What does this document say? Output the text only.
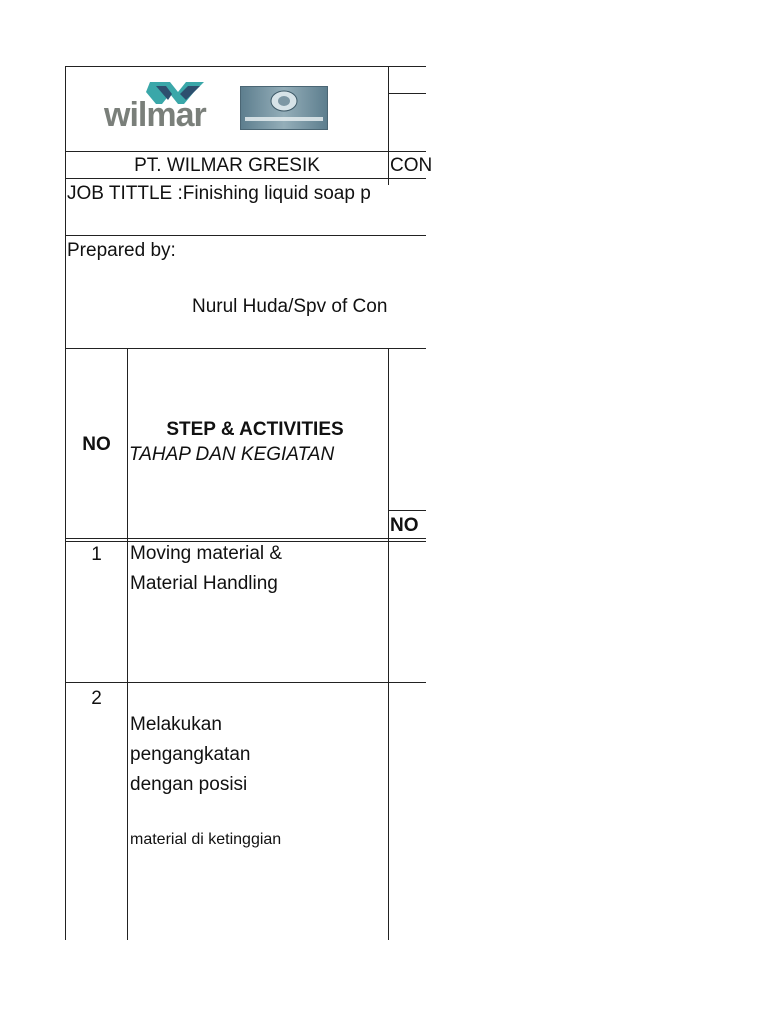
wilmar
PT. WILMAR GRESIK	CON
JOB TITTLE :Finishing liquid soap p
Prepared by:
Nurul Huda/Spv of Con
NO
STEP & ACTIVITIES
TAHAP DAN KEGIATAN
NO
1	Moving material &
Material Handling
2
Melakukan
pengangkatan
dengan posisi
material di ketinggian
